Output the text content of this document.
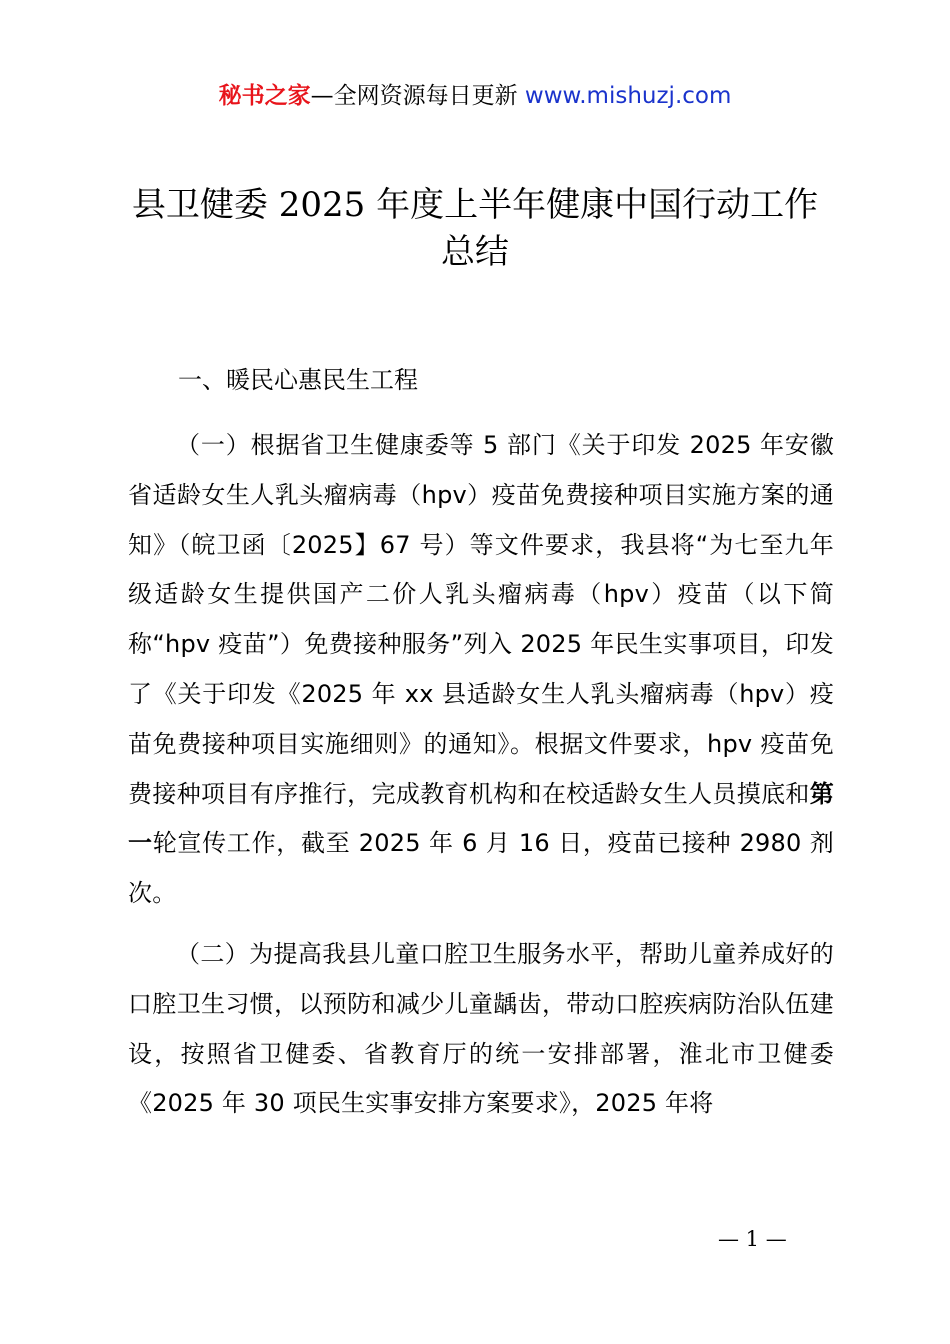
秘书之家—全网资源每日更新 www.mishuzj.com
县卫健委 2025 年度上半年健康中国行动工作
总结
一、暖民心惠民生工程

（一）根据省卫生健康委等 5 部门《关于印发 2025 年安徽省适龄女生人乳头瘤病毒（hpv）疫苗免费接种项目实施方案的通知》（皖卫函〔2025】67 号）等文件要求，我县将“为七至九年级适龄女生提供国产二价人乳头瘤病毒（hpv）疫苗（以下简称“hpv 疫苗”）免费接种服务”列入 2025 年民生实事项目，印发了《关于印发《2025 年 xx 县适龄女生人乳头瘤病毒（hpv）疫苗免费接种项目实施细则》的通知》。根据文件要求，hpv 疫苗免费接种项目有序推行，完成教育机构和在校适龄女生人员摸底和第一轮宣传工作，截至 2025 年 6 月 16 日，疫苗已接种 2980 剂次。

（二）为提高我县儿童口腔卫生服务水平，帮助儿童养成好的口腔卫生习惯，以预防和减少儿童龋齿，带动口腔疾病防治队伍建设，按照省卫健委、省教育厅的统一安排部署，淮北市卫健委《2025 年 30 项民生实事安排方案要求》，2025 年将

— 1 —
